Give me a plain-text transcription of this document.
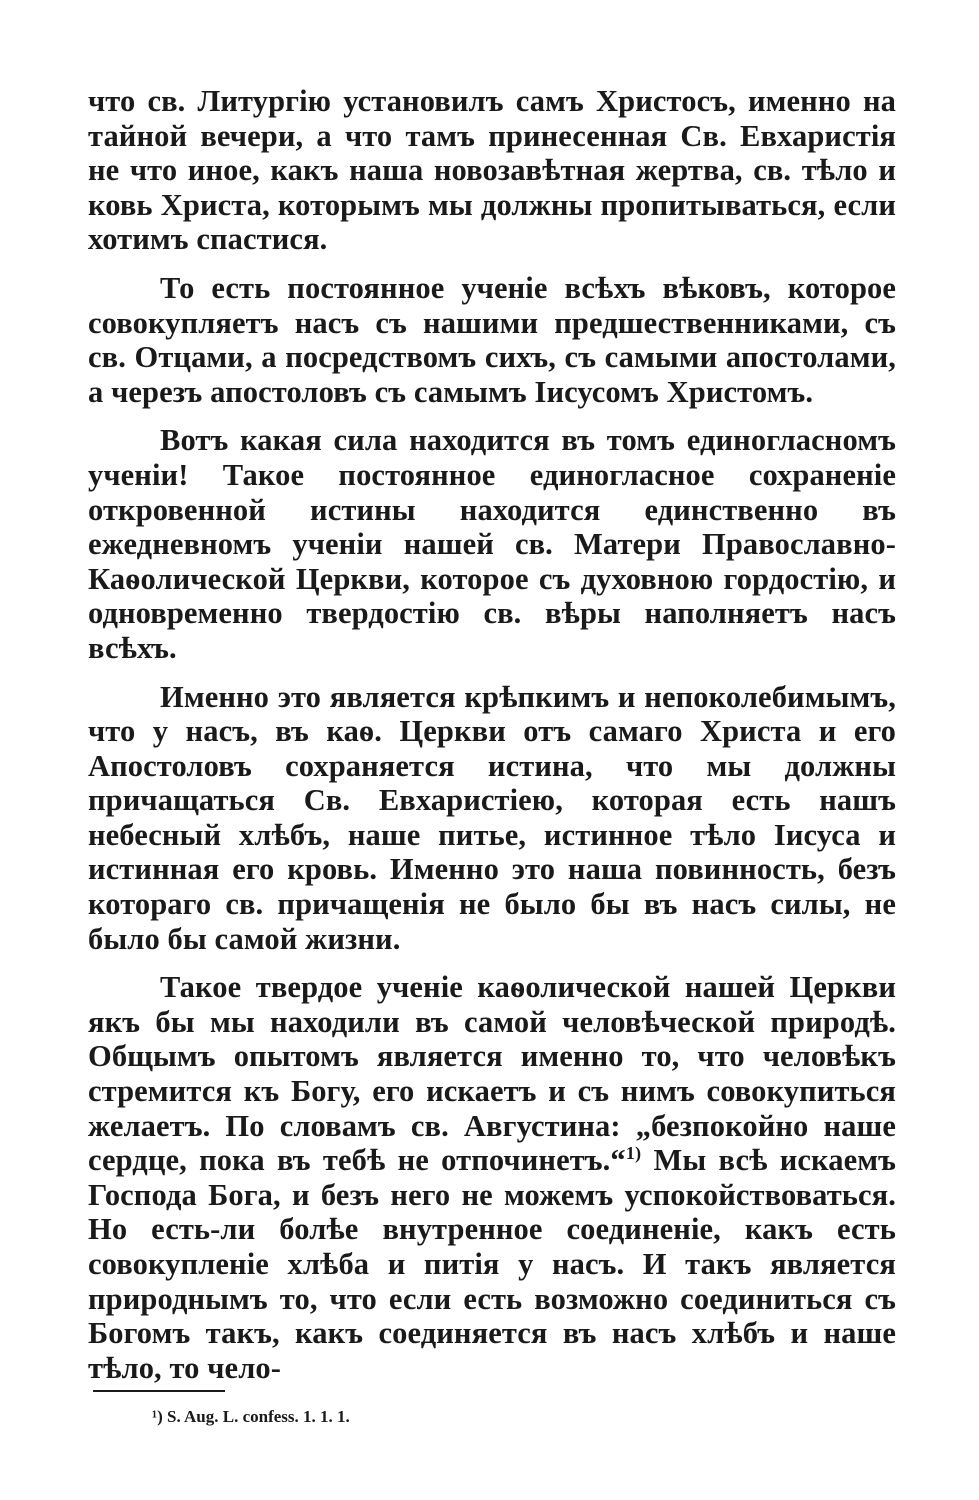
что св. Литургію установилъ самъ Христосъ, именно на тайной вечери, а что тамъ принесенная Св. Евхаристія не что иное, какъ наша новозавѣтная жертва, св. тѣло и ковь Христа, которымъ мы должны пропитываться, если хотимъ спастися.

То есть постоянное ученіе всѣхъ вѣковъ, которое совокупляетъ насъ съ нашими предшественниками, съ св. Отцами, а посредствомъ сихъ, съ самыми апостолами, а черезъ апостоловъ съ самымъ Іисусомъ Христомъ.

Вотъ какая сила находится въ томъ единогласномъ ученіи! Такое постоянное единогласное сохраненіе откровенной истины находится единственно въ ежедневномъ ученіи нашей св. Матери Православно-Каѳолической Церкви, которое съ духовною гордостію, и одновременно твердостію св. вѣры наполняетъ насъ всѣхъ.

Именно это является крѣпкимъ и непоколебимымъ, что у насъ, въ каѳ. Церкви отъ самаго Христа и его Апостоловъ сохраняется истина, что мы должны причащаться Св. Евхаристіею, которая есть нашъ небесный хлѣбъ, наше питье, истинное тѣло Іисуса и истинная его кровь. Именно это наша повинность, безъ котораго св. причащенія не было бы въ насъ силы, не было бы самой жизни.

Такое твердое ученіе каѳолической нашей Церкви якъ бы мы находили въ самой человѣческой природѣ. Общымъ опытомъ является именно то, что человѣкъ стремится къ Богу, его искаетъ и съ нимъ совокупиться желаетъ. По словамъ св. Августина: „безпокойно наше сердце, пока въ тебѣ не отпочинетъ.“$^{1)}$ Мы всѣ искаемъ Господа Бога, и безъ него не можемъ успокойствоваться. Но есть-ли болѣе внутренное соединеніе, какъ есть совокупленіе хлѣба и питія у насъ. И такъ является природнымъ то, что если есть возможно соединиться съ Богомъ такъ, какъ соединяется въ насъ хлѣбъ и наше тѣло, то чело-

¹) S. Aug. L. confess. 1. 1. 1.
